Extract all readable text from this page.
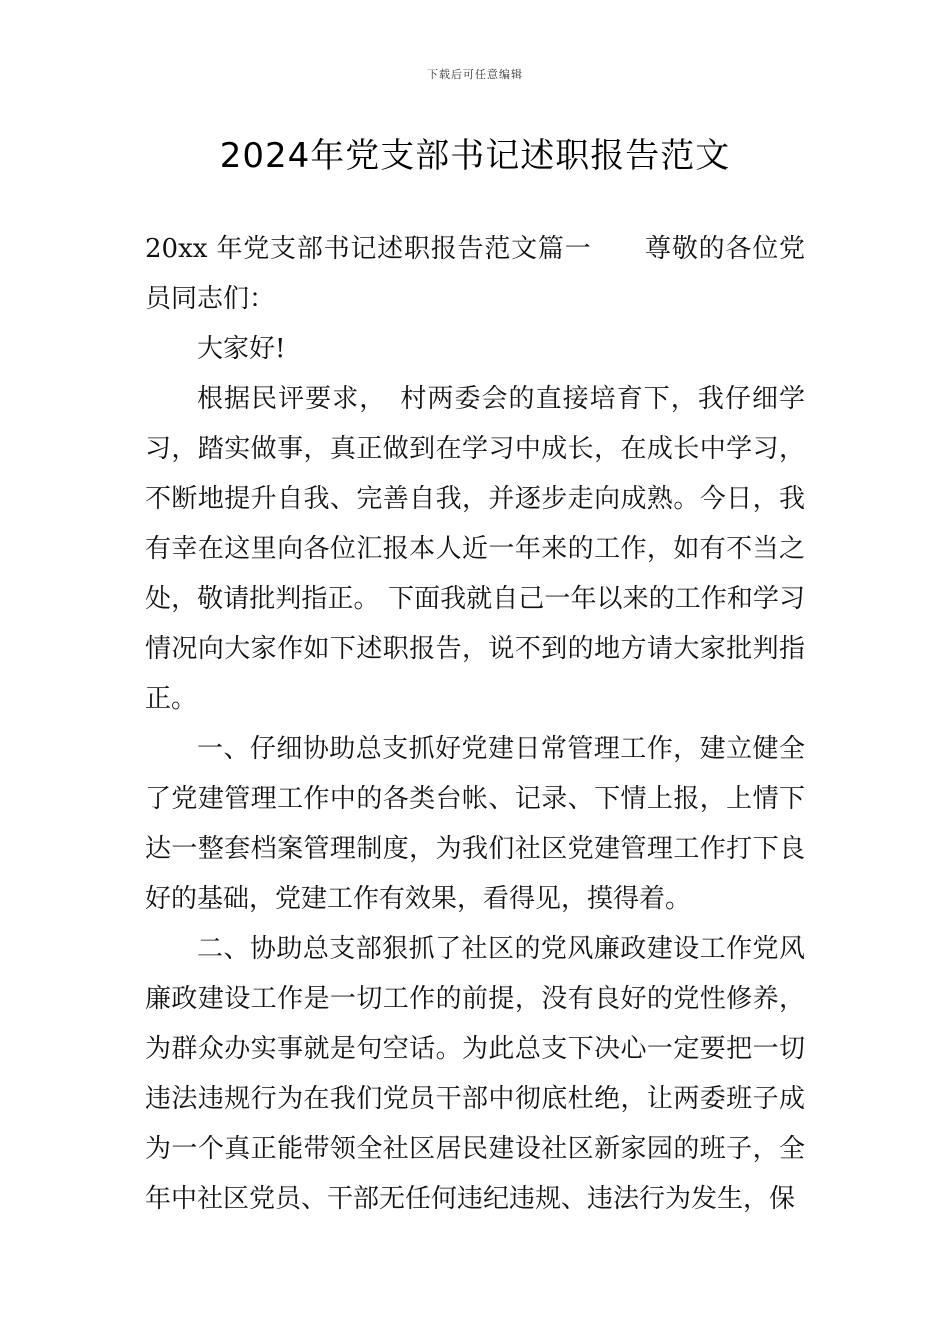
下载后可任意编辑
2024年党支部书记述职报告范文

20xx 年党支部书记述职报告范文篇一　　尊敬的各位党员同志们：

大家好!

根据民评要求，　村两委会的直接培育下，我仔细学习，踏实做事，真正做到在学习中成长，在成长中学习，不断地提升自我、完善自我，并逐步走向成熟。今日，我有幸在这里向各位汇报本人近一年来的工作，如有不当之处，敬请批判指正。 下面我就自己一年以来的工作和学习情况向大家作如下述职报告，说不到的地方请大家批判指正。

一、仔细协助总支抓好党建日常管理工作，建立健全了党建管理工作中的各类台帐、记录、下情上报，上情下达一整套档案管理制度，为我们社区党建管理工作打下良好的基础，党建工作有效果，看得见，摸得着。

二、协助总支部狠抓了社区的党风廉政建设工作党风廉政建设工作是一切工作的前提，没有良好的党性修养，为群众办实事就是句空话。为此总支下决心一定要把一切违法违规行为在我们党员干部中彻底杜绝，让两委班子成为一个真正能带领全社区居民建设社区新家园的班子，全年中社区党员、干部无任何违纪违规、违法行为发生，保
